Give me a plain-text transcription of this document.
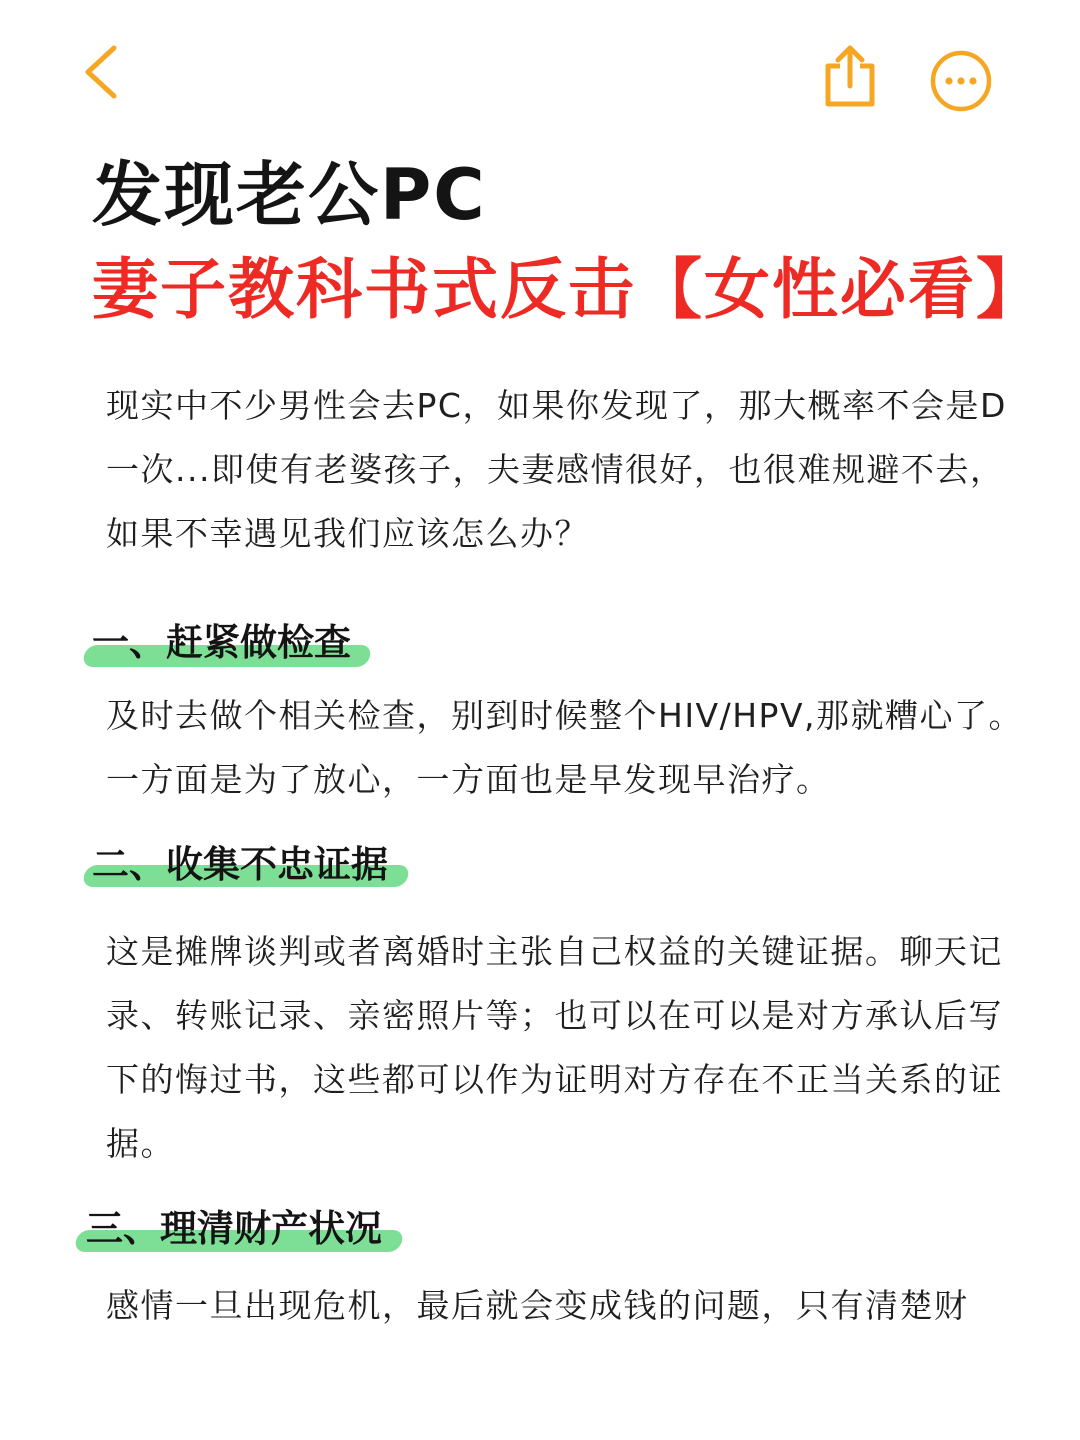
发现老公PC
妻子教科书式反击【女性必看】

现实中不少男性会去PC，如果你发现了，那大概率不会是D一次...即使有老婆孩子，夫妻感情很好，也很难规避不去，如果不幸遇见我们应该怎么办？

一、赶紧做检查

及时去做个相关检查，别到时候整个HIV/HPV,那就糟心了。一方面是为了放心，一方面也是早发现早治疗。

二、收集不忠证据

这是摊牌谈判或者离婚时主张自己权益的关键证据。聊天记录、转账记录、亲密照片等；也可以在可以是对方承认后写下的悔过书，这些都可以作为证明对方存在不正当关系的证据。

三、理清财产状况

感情一旦出现危机，最后就会变成钱的问题，只有清楚财
